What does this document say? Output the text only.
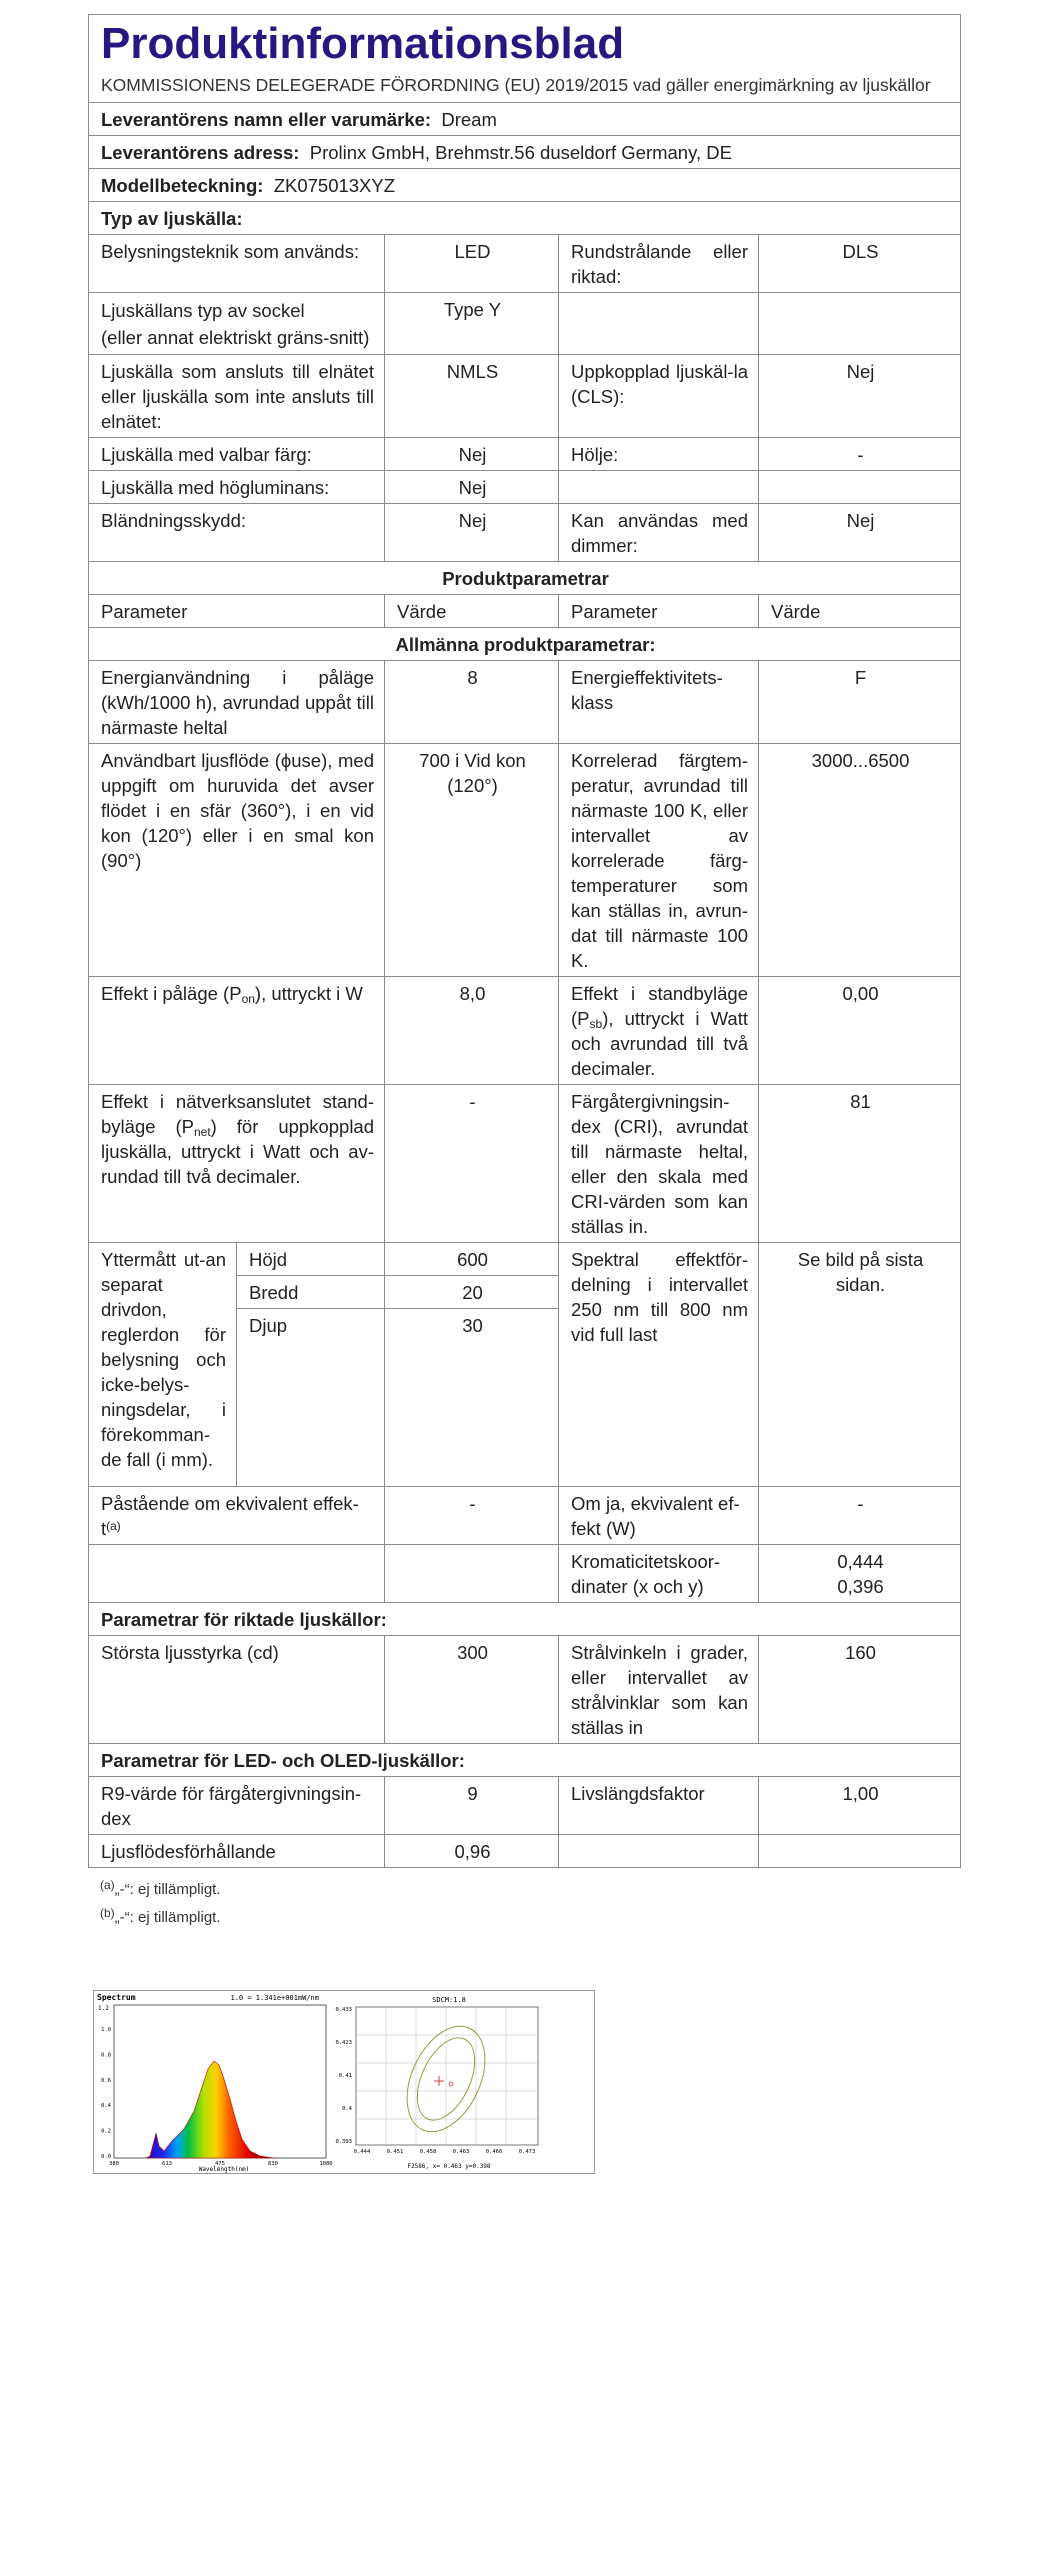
Produktinformationsblad
KOMMISSIONENS DELEGERADE FÖRORDNING (EU) 2019/2015 vad gäller energimärkning av ljuskällor				

Leverantörens namn eller varumärke: Dream				
Leverantörens adress: Prolinx GmbH, Brehmstr.56 duseldorf Germany, DE				
Modellbeteckning: ZK075013XYZ				
Typ av ljuskälla:				
Belysningsteknik som används:		LED	Rundstrålande eller riktad:	DLS

Ljuskällans typ av sockel
(eller annat elektriskt gräns-snitt)		Type Y		
Ljuskälla som ansluts till elnätet eller ljuskälla som inte ansluts till elnätet:		NMLS	Uppkopplad ljuskäl-la (CLS):	Nej
Ljuskälla med valbar färg:		Nej	Hölje:	-
Ljuskälla med högluminans:		Nej		
Bländningsskydd:		Nej	Kan användas med dimmer:	Nej
Produktparametrar				
Parameter		Värde	Parameter	Värde
Allmänna produktparametrar:				
Energianvändning i påläge (kWh/1000 h), avrundad uppåt till närmaste heltal		8	Energieffektivitets-klass	F
Användbart ljusflöde (ϕuse), med uppgift om huruvida det avser flödet i en sfär (360°), i en vid kon (120°) eller i en smal kon (90°)		700 i Vid kon (120°)	Korrelerad färgtem-peratur, avrundad till närmaste 100 K, eller intervallet av korrelerade färg-temperaturer som kan ställas in, avrun-dat till närmaste 100 K.	3000...6500
Effekt i påläge $(P_{on})$, uttryckt i W		8,0	Effekt i standbyläge $(P_{sb})$, uttryckt i Watt och avrundad till två decimaler.	0,00
Effekt i nätverksanslutet stand-byläge $(P_{net})$ för uppkopplad ljuskälla, uttryckt i Watt och av-rundad till två decimaler.		-	Färgåtergivningsin-dex (CRI), avrundat till närmaste heltal, eller den skala med CRI-värden som kan ställas in.	81
Yttermått ut-an separat drivdon, reglerdon för belysning och icke-belys-ningsdelar, i förekomman-de fall (i mm).	Höjd	600	Spektral effektför-delning i intervallet 250 nm till 800 nm vid full last	Se bild på sista sidan.
	Bredd	20		
	Djup	30		
Påstående om ekvivalent effek-$t^{(a)}$		-	Om ja, ekvivalent ef-fekt (W)	-
			Kromaticitetskoor-dinater (x och y)	0,444
0,396

Parametrar för riktade ljuskällor:				
Största ljusstyrka (cd)		300	Strålvinkeln i grader, eller intervallet av strålvinklar som kan ställas in	160
Parametrar för LED- och OLED-ljuskällor:				
R9-värde för färgåtergivningsin-dex		9	Livslängdsfaktor	1,00
Ljusflödesförhållande		0,96		
$^{(a)}$„-“: ej tillämpligt.
$^{(b)}$„-“: ej tillämpligt.
Spectrum	1.0 = 1.341e+001mW/nm
1.2
1.0
0.8
0.6
0.4
0.2
0.0
380	613	475	830	1080
Wavelength(nm)
SDCM:1.8
0.433
0.423
0.41
0.4
0.393
0.444	0.451	0.458	0.463	0.466	0.473
F2586, x= 0.463 y=0.398
